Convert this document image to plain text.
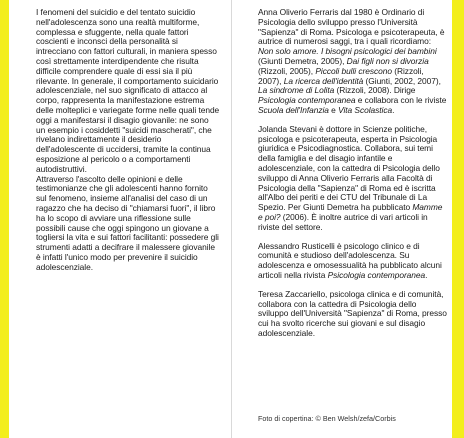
I fenomeni del suicidio e del tentato suicidio nell'adolescenza sono una realtà multiforme, complessa e sfuggente, nella quale fattori coscienti e inconsci della personalità si intrecciano con fattori culturali, in maniera spesso così strettamente interdipendente che risulta difficile comprendere quale di essi sia il più rilevante. In generale, il comportamento suicidario adolescenziale, nel suo significato di attacco al corpo, rappresenta la manifestazione estrema delle molteplici e variegate forme nelle quali tende oggi a manifestarsi il disagio giovanile: ne sono un esempio i cosiddetti "suicidi mascherati", che rivelano indirettamente il desiderio dell'adolescente di uccidersi, tramite la continua esposizione al pericolo o a comportamenti autodistruttivi.

Attraverso l'ascolto delle opinioni e delle testimonianze che gli adolescenti hanno fornito sul fenomeno, insieme all'analisi del caso di un ragazzo che ha deciso di "chiamarsi fuori", il libro ha lo scopo di avviare una riflessione sulle possibili cause che oggi spingono un giovane a togliersi la vita e sui fattori facilitanti: possedere gli strumenti adatti a decifrare il malessere giovanile è infatti l'unico modo per prevenire il suicidio adolescenziale.

Anna Oliverio Ferraris dal 1980 è Ordinario di Psicologia dello sviluppo presso l'Università "Sapienza" di Roma. Psicologa e psicoterapeuta, è autrice di numerosi saggi, tra i quali ricordiamo: Non solo amore. I bisogni psicologici dei bambini (Giunti Demetra, 2005), Dai figli non si divorzia (Rizzoli, 2005), Piccoli bulli crescono (Rizzoli, 2007), La ricerca dell'identità (Giunti, 2002, 2007), La sindrome di Lolita (Rizzoli, 2008). Dirige Psicologia contemporanea e collabora con le riviste Scuola dell'Infanzia e Vita Scolastica.

Jolanda Stevani è dottore in Scienze politiche, psicologa e psicoterapeuta, esperta in Psicologia giuridica e Psicodiagnostica. Collabora, sui temi della famiglia e del disagio infantile e adolescenziale, con la cattedra di Psicologia dello sviluppo di Anna Oliverio Ferraris alla Facoltà di Psicologia della "Sapienza" di Roma ed è iscritta all'Albo dei periti e dei CTU del Tribunale di La Spezio. Per Giunti Demetra ha pubblicato Mamme e poi? (2006). È inoltre autrice di vari articoli in riviste del settore.

Alessandro Rusticelli è psicologo clinico e di comunità e studioso dell'adolescenza. Su adolescenza e omosessualità ha pubblicato alcuni articoli nella rivista Psicologia contemporanea.

Teresa Zaccariello, psicologa clinica e di comunità, collabora con la cattedra di Psicologia dello sviluppo dell'Università "Sapienza" di Roma, presso cui ha svolto ricerche sui giovani e sul disagio adolescenziale.

Foto di copertina: © Ben Welsh/zefa/Corbis
